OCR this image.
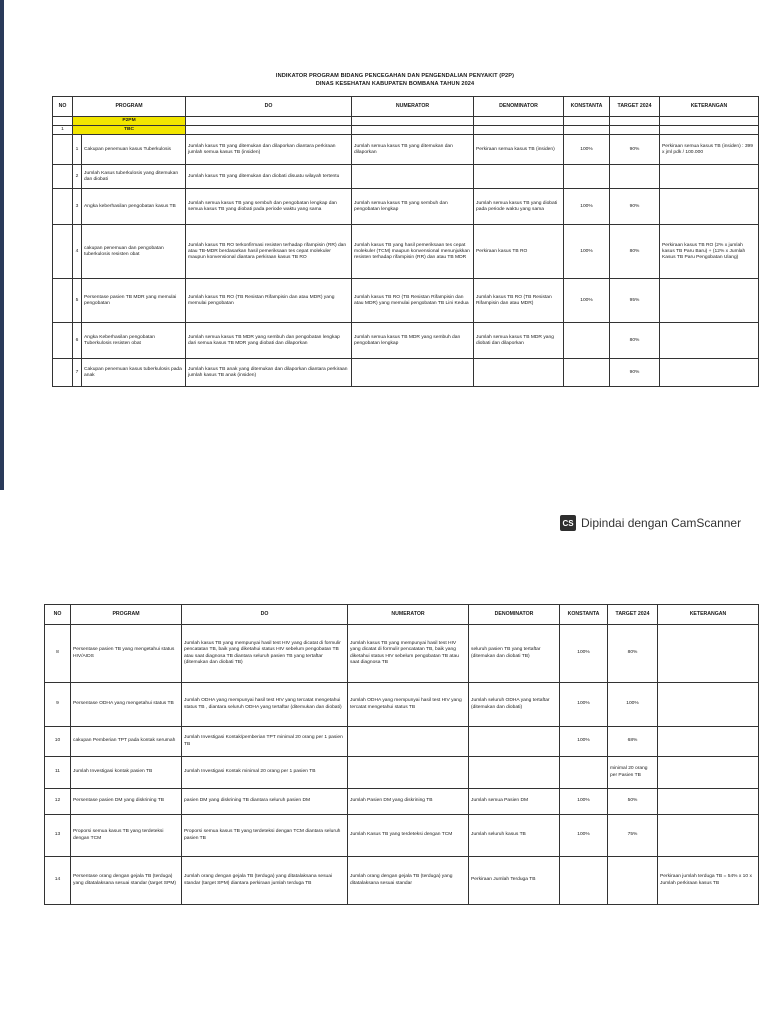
INDIKATOR PROGRAM BIDANG PENCEGAHAN DAN PENGENDALIAN PENYAKIT (P2P)
DINAS KESEHATAN KABUPATEN BOMBANA TAHUN 2024
NO	PROGRAM		DO	NUMERATOR	DENOMINATOR	KONSTANTA	TARGET 2024	KETERANGAN
	P2PM							
1	TBC							
	1	Cakupan penemuan kasus Tuberkulosis	Jumlah kasus TB yang ditemukan dan dilaporkan diantara perkiraan jumlah semua kasus TB (insiden)	Jumlah semua kasus TB yang ditemukan dan dilaporkan	Perkiraan semua kasus TB (insiden)	100%	90%	Perkiraan semua kasus TB (insiden) : 399 x jml pdk / 100.000
	2	Jumlah Kasus tuberkulosis yang ditemukan dan diobati	Jumlah kasus TB yang ditemukan dan diobati disuatu wilayah tertentu					
	3	Angka keberhasilan pengobatan kasus TB	Jumlah semua kasus TB yang sembuh dan pengobatan lengkap dan semua kasus TB yang diobati pada periode waktu yang sama	Jumlah semua kasus TB yang sembuh dan pengobatan lengkap	Jumlah semua kasus TB yang diobati pada periode waktu yang sama	100%	90%	
	4	cakupan penemuan dan pengobatan tuberkulosis resisten obat	Jumlah kasus TB RO terkonfirmasi resisten terhadap rifampisin (RR) dan atau TB-MDR berdasarkan hasil pemeriksaan tes cepat molekuler maupun konvensional diantara perkiraan kasus TB RO	Jumlah kasus TB yang hasil pemeriksaan tes cepat molekuler (TCM) maupun konvensional menunjukkan resisten terhadap rifampisin (RR) dan atau TB MDR	Perkiraan kasus TB RO	100%	80%	Perkiraan kasus TB RO (2% x jumlah kasus TB Paru Baru) + (12% x Jumlah Kasus TB Paru Pengobatan Ulang)
	5	Persentase pasien TB MDR yang memulai pengobatan	Jumlah kasus TB RO (TB Resistan Rifampisin dan atau MDR) yang memulai pengobatan	Jumlah kasus TB RO (TB Resistan Rifampisin dan atau MDR) yang memulai pengobatan TB Lini Kedua	Jumlah kasus TB RO (TB Resistan Rifampisin dan atau MDR)	100%	95%	
	6	Angka Keberhasilan pengobatan Tuberkulosis resisten obat	Jumlah semua kasus TB MDR yang sembuh dan pengobatan lengkap dari semua kasus TB MDR yang diobati dan dilaporkan	Jumlah semua kasus TB MDR yang sembuh dan pengobatan lengkap	Jumlah semua kasus TB MDR yang diobati dan dilaporkan		80%	
	7	Cakupan penemuan kasus tuberkulosis pada anak	Jumlah kasus TB anak yang ditemukan dan dilaporkan diantara perkiraan jumlah kasus TB anak (insiden)				90%	
CS Dipindai dengan CamScanner
NO	PROGRAM	DO	NUMERATOR	DENOMINATOR	KONSTANTA	TARGET 2024	KETERANGAN
8	Persentase pasien TB yang mengetahui status HIV/AIDS	Jumlah kasus TB yang mempunyai hasil test HIV yang dicatat di formulir pencatatan TB, baik yang diketahui status HIV sebelum pengobatan TB atau saat diagnosa TB diantara seluruh pasien TB yang tertaftar (ditemukan dan diobati TB)	Jumlah kasus TB yang mempunyai hasil test HIV yang dicatat di formulir pencatatan TB, baik yang diketahui status HIV sebelum pengobatan TB atau saat diagnosa TB	seluruh pasien TB yang tertaftar (ditemukan dan diobati TB)	100%	80%	
9	Persentase ODHA yang mengetahui status TB	Jumlah ODHA yang mempunyai hasil test HIV yang tercatat mengetahui status TB , diantara seluruh ODHA yang tertaftar (ditemukan dan diobati)	Jumlah ODHA yang mempunyai hasil test HIV yang tercatat mengetahui status TB	Jumlah seluruh ODHA yang tertaftar (ditemukan dan diobati)	100%	100%	
10	cakupan Pemberian TPT pada kontak serumah	Jumlah Investigasi Kontak/pemberian TPT minimal 20 orang per 1 pasien TB			100%	68%	
11	Jumlah Investigasi kontak pasien TB	Jumlah Investigasi Kontak minimal 20 orang per 1 pasien TB				minimal 20 orang per Pasien TB	
12	Persentase pasien DM yang diskrining TB	pasien DM yang diskrining TB diantara seluruh pasien DM	Jumlah Pasien DM yang diskrining TB	Jumlah semua Pasien DM	100%	50%	
13	Proporsi semua kasus TB yang terdeteksi dengan TCM	Proporsi semua kasus TB yang terdeteksi dengan TCM diantara seluruh pasien TB	Jumlah Kasus TB yang terdeteksi dengan TCM	Jumlah seluruh kasus TB	100%	75%	
14	Persentase orang dengan gejala TB (terduga) yang ditatalaksana sesuai standar (target SPM)	Jumlah orang dengan gejala TB (terduga) yang ditatalaksana sesuai standar (target SPM) diantara perkiraan jumlah terduga TB	Jumlah orang dengan gejala TB (terduga) yang ditatalaksana sesuai standar	Perkiraan Jumlah Terduga TB			Perkiraan jumlah terduga TB = 54% x 10 x Jumlah perkiraan kasus TB
